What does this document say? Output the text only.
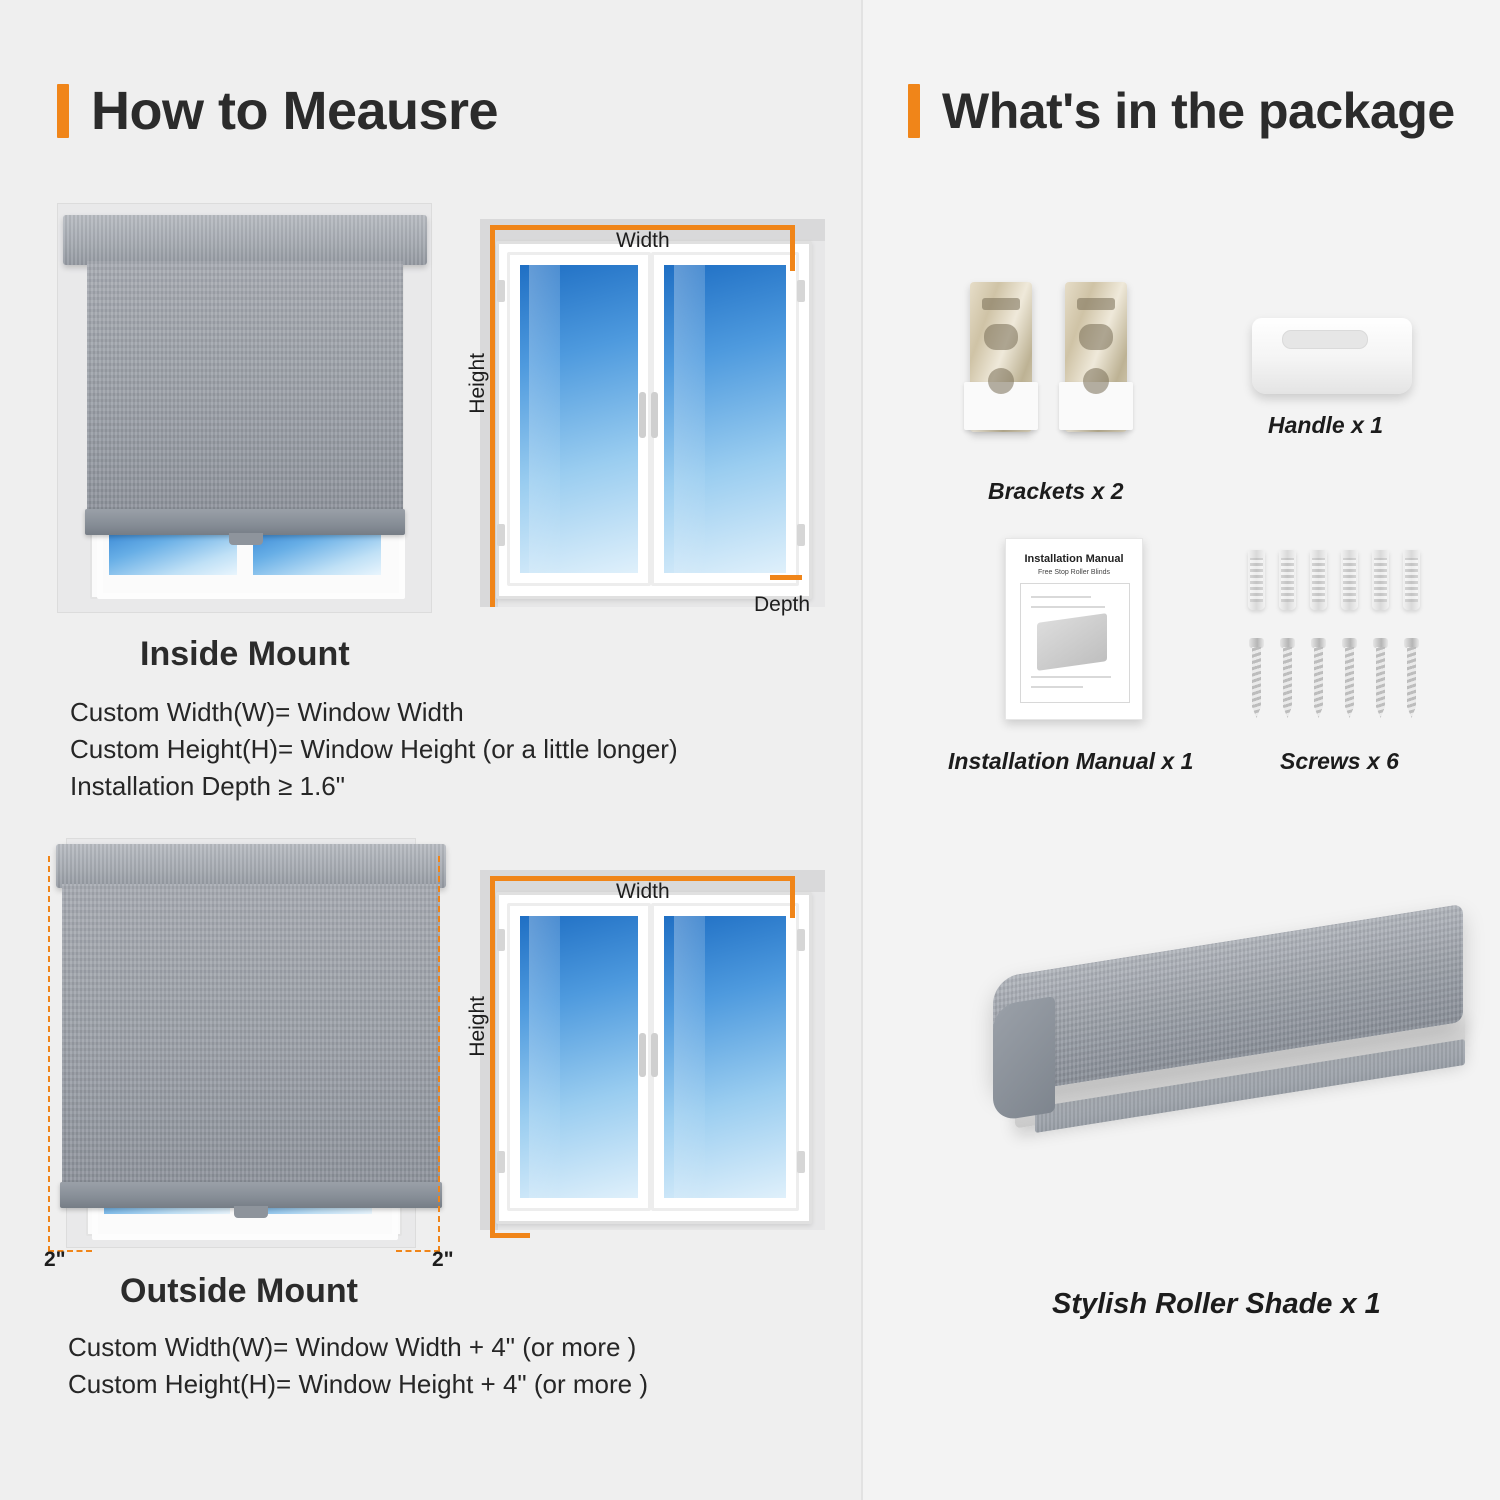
How to Meausre
Width
Height
Depth
Inside Mount
Custom Width(W)= Window Width
Custom Height(H)= Window Height (or a little longer)
Installation Depth ≥ 1.6"
2"	2"
Width
Height
Outside Mount
Custom Width(W)= Window Width + 4" (or more )
Custom Height(H)= Window Height + 4" (or more )
What's in the package
Brackets x 2
Handle x 1
Installation Manual
Free Stop Roller Blinds
Installation Manual x 1	Screws x 6
Stylish Roller Shade x 1
